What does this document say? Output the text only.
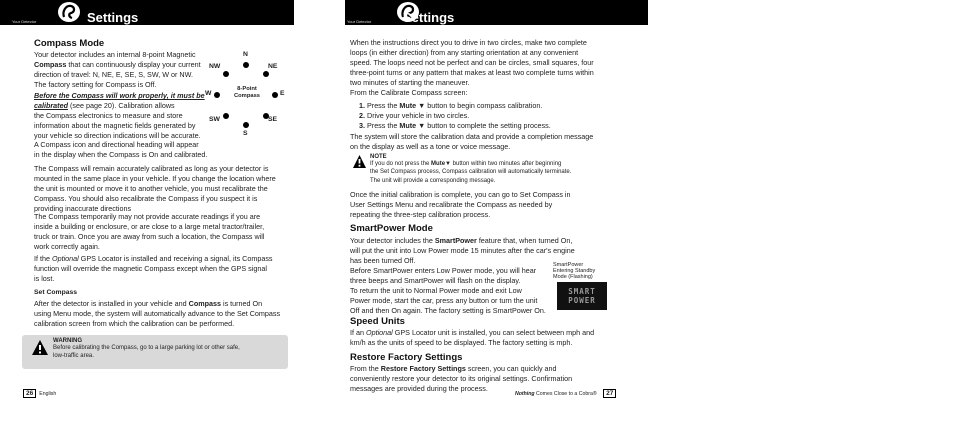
Your Detector	Settings
Compass Mode
Your detector includes an internal 8-point Magnetic
Compass that can continuously display your current
direction of travel: N, NE, E, SE, S, SW, W or NW.
The factory setting for Compass is Off.
Before the Compass will work properly, it must be calibrated (see page 20). Calibration allows
the Compass electronics to measure and store
information about the magnetic fields generated by
your vehicle so direction indications will be accurate.
A Compass icon and directional heading will appear
in the display when the Compass is On and calibrated.
N
NE
E
SE
S
SW
W
NW
8-Point
Compass
The Compass will remain accurately calibrated as long as your detector is
mounted in the same place in your vehicle. If you change the location where
the unit is mounted or move it to another vehicle, you must recalibrate the
Compass. You should also recalibrate the Compass if you suspect it is
providing inaccurate directions
The Compass temporarily may not provide accurate readings if you are
inside a building or enclosure, or are close to a large metal tractor/trailer,
truck or train. Once you are away from such a location, the Compass will
work correctly again.
If the Optional GPS Locator is installed and receiving a signal, its Compass
function will override the magnetic Compass except when the GPS signal
is lost.
Set Compass
After the detector is installed in your vehicle and Compass is turned On
using Menu mode, the system will automatically advance to the Set Compass
calibration screen from which the calibration can be performed.
WARNING
Before calibrating the Compass, go to a large parking lot or other safe,
low-traffic area.
26 English
Your Detector Settings
When the instructions direct you to drive in two circles, make two complete
loops (in either direction) from any starting orientation at any convenient
speed. The loops need not be perfect and can be circles, small squares, four
three-point turns or any pattern that makes at least two complete turns within
two minutes of starting the maneuver.
From the Calibrate Compass screen:
1. Press the Mute ▼ button to begin compass calibration.
2. Drive your vehicle in two circles.
3. Press the Mute ▼ button to complete the setting process.
The system will store the calibration data and provide a completion message
on the display as well as a tone or voice message.
NOTE
If you do not press the Mute▼ button within two minutes after beginning
the Set Compass process, Compass calibration will automatically terminate.
The unit will provide a corresponding message.
Once the initial calibration is complete, you can go to Set Compass in
User Settings Menu and recalibrate the Compass as needed by
repeating the three-step calibration process.
SmartPower Mode
Your detector includes the SmartPower feature that, when turned On,
will put the unit into Low Power mode 15 minutes after the car's engine
has been turned Off.
Before SmartPower enters Low Power mode, you will hear
three beeps and SmartPower will flash on the display.
To return the unit to Normal Power mode and exit Low
Power mode, start the car, press any button or turn the unit
Off and then On again. The factory setting is SmartPower On.
Speed Units
If an Optional GPS Locator unit is installed, you can select between mph and
km/h as the units of speed to be displayed. The factory setting is mph.
Restore Factory Settings
From the Restore Factory Settings screen, you can quickly and
conveniently restore your detector to its original settings. Confirmation
messages are provided during the process.
SmartPower
Entering Standby
Mode (Flashing)
SMART
POWER
Nothing Comes Close to a Cobra® 27
